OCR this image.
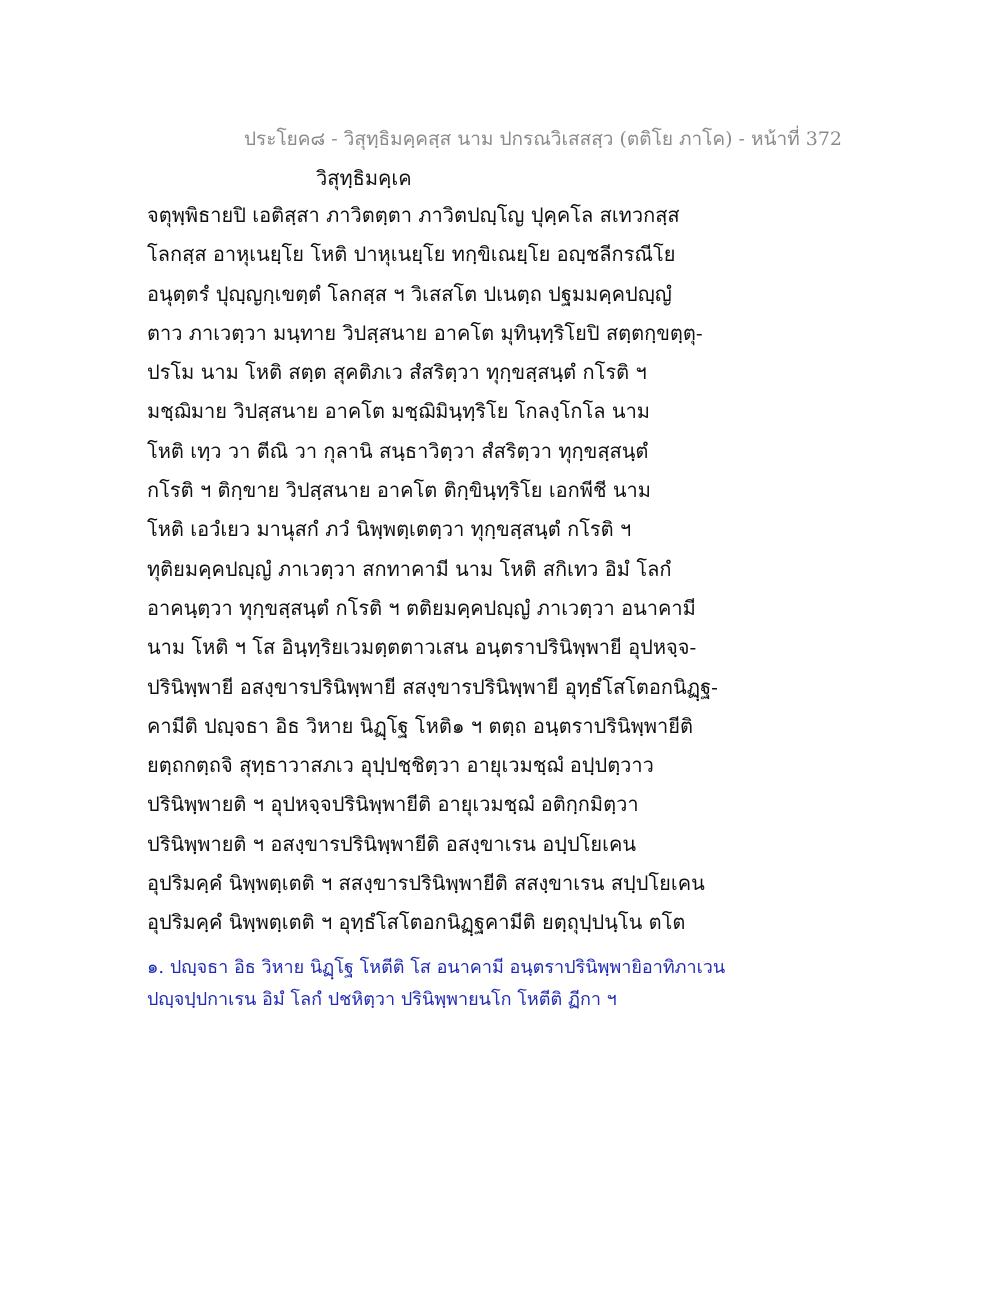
ประโยค๘ - วิสุทฺธิมคฺคสฺส นาม ปกรณวิเสสสฺว (ตติโย ภาโค) - หน้าที่ 372
วิสุทฺธิมคฺเค
จตุพฺพิธายปิ เอติสฺสา ภาวิตตฺตา ภาวิตปญฺโญ ปุคฺคโล สเทวกสฺส
โลกสฺส อาหุเนยฺโย โหติ ปาหุเนยฺโย ทกฺขิเณยฺโย อญฺชลีกรณีโย
อนุตฺตรํ ปุญฺญกฺเขตฺตํ โลกสฺส ฯ วิเสสโต ปเนตฺถ ปฐมมคฺคปญฺญํ
ตาว ภาเวตฺวา มนฺทาย วิปสฺสนาย อาคโต มุทินฺทฺริโยปิ สตฺตกฺขตฺตุ-
ปรโม นาม โหติ สตฺต สุคติภเว สํสริตฺวา ทุกฺขสฺสนฺตํ กโรติ ฯ
มชฺฌิมาย วิปสฺสนาย อาคโต มชฺฌิมินฺทฺริโย โกลงฺโกโล นาม
โหติ เทฺว วา ตีณิ วา กุลานิ สนฺธาวิตฺวา สํสริตฺวา ทุกฺขสฺสนฺตํ
กโรติ ฯ ติกฺขาย วิปสฺสนาย อาคโต ติกฺขินฺทฺริโย เอกพีชี นาม
โหติ เอวํเยว มานุสกํ ภวํ นิพฺพตฺเตตฺวา ทุกฺขสฺสนฺตํ กโรติ ฯ
ทุติยมคฺคปญฺญํ ภาเวตฺวา สกทาคามี นาม โหติ สกิเทว อิมํ โลกํ
อาคนฺตฺวา ทุกฺขสฺสนฺตํ กโรติ ฯ ตติยมคฺคปญฺญํ ภาเวตฺวา อนาคามี
นาม โหติ ฯ โส อินฺทฺริยเวมตฺตตาวเสน อนฺตราปรินิพฺพายี อุปหจฺจ-
ปรินิพฺพายี อสงฺขารปรินิพฺพายี สสงฺขารปรินิพฺพายี อุทฺธํโสโตอกนิฏฺฐ-
คามีติ ปญฺจธา อิธ วิหาย นิฏฺโฐ โหติ๑ ฯ ตตฺถ อนฺตราปรินิพฺพายีติ
ยตฺถกตฺถจิ สุทฺธาวาสภเว อุปฺปชฺชิตฺวา อายุเวมชฺฌํ อปฺปตฺวาว
ปรินิพฺพายติ ฯ อุปหจฺจปรินิพฺพายีติ อายุเวมชฺฌํ อติกฺกมิตฺวา
ปรินิพฺพายติ ฯ อสงฺขารปรินิพฺพายีติ อสงฺขาเรน อปฺปโยเคน
อุปริมคฺคํ นิพฺพตฺเตติ ฯ สสงฺขารปรินิพฺพายีติ สสงฺขาเรน สปฺปโยเคน
อุปริมคฺคํ นิพฺพตฺเตติ ฯ อุทฺธํโสโตอกนิฏฺฐคามีติ ยตฺถุปฺปนฺโน ตโต
๑. ปญฺจธา อิธ วิหาย นิฏฺโฐ โหตีติ โส อนาคามี อนฺตราปรินิพฺพายิอาทิภาเวน
ปญฺจปฺปกาเรน อิมํ โลกํ ปชหิตฺวา ปรินิพฺพายนโก โหตีติ ฏีกา ฯ
